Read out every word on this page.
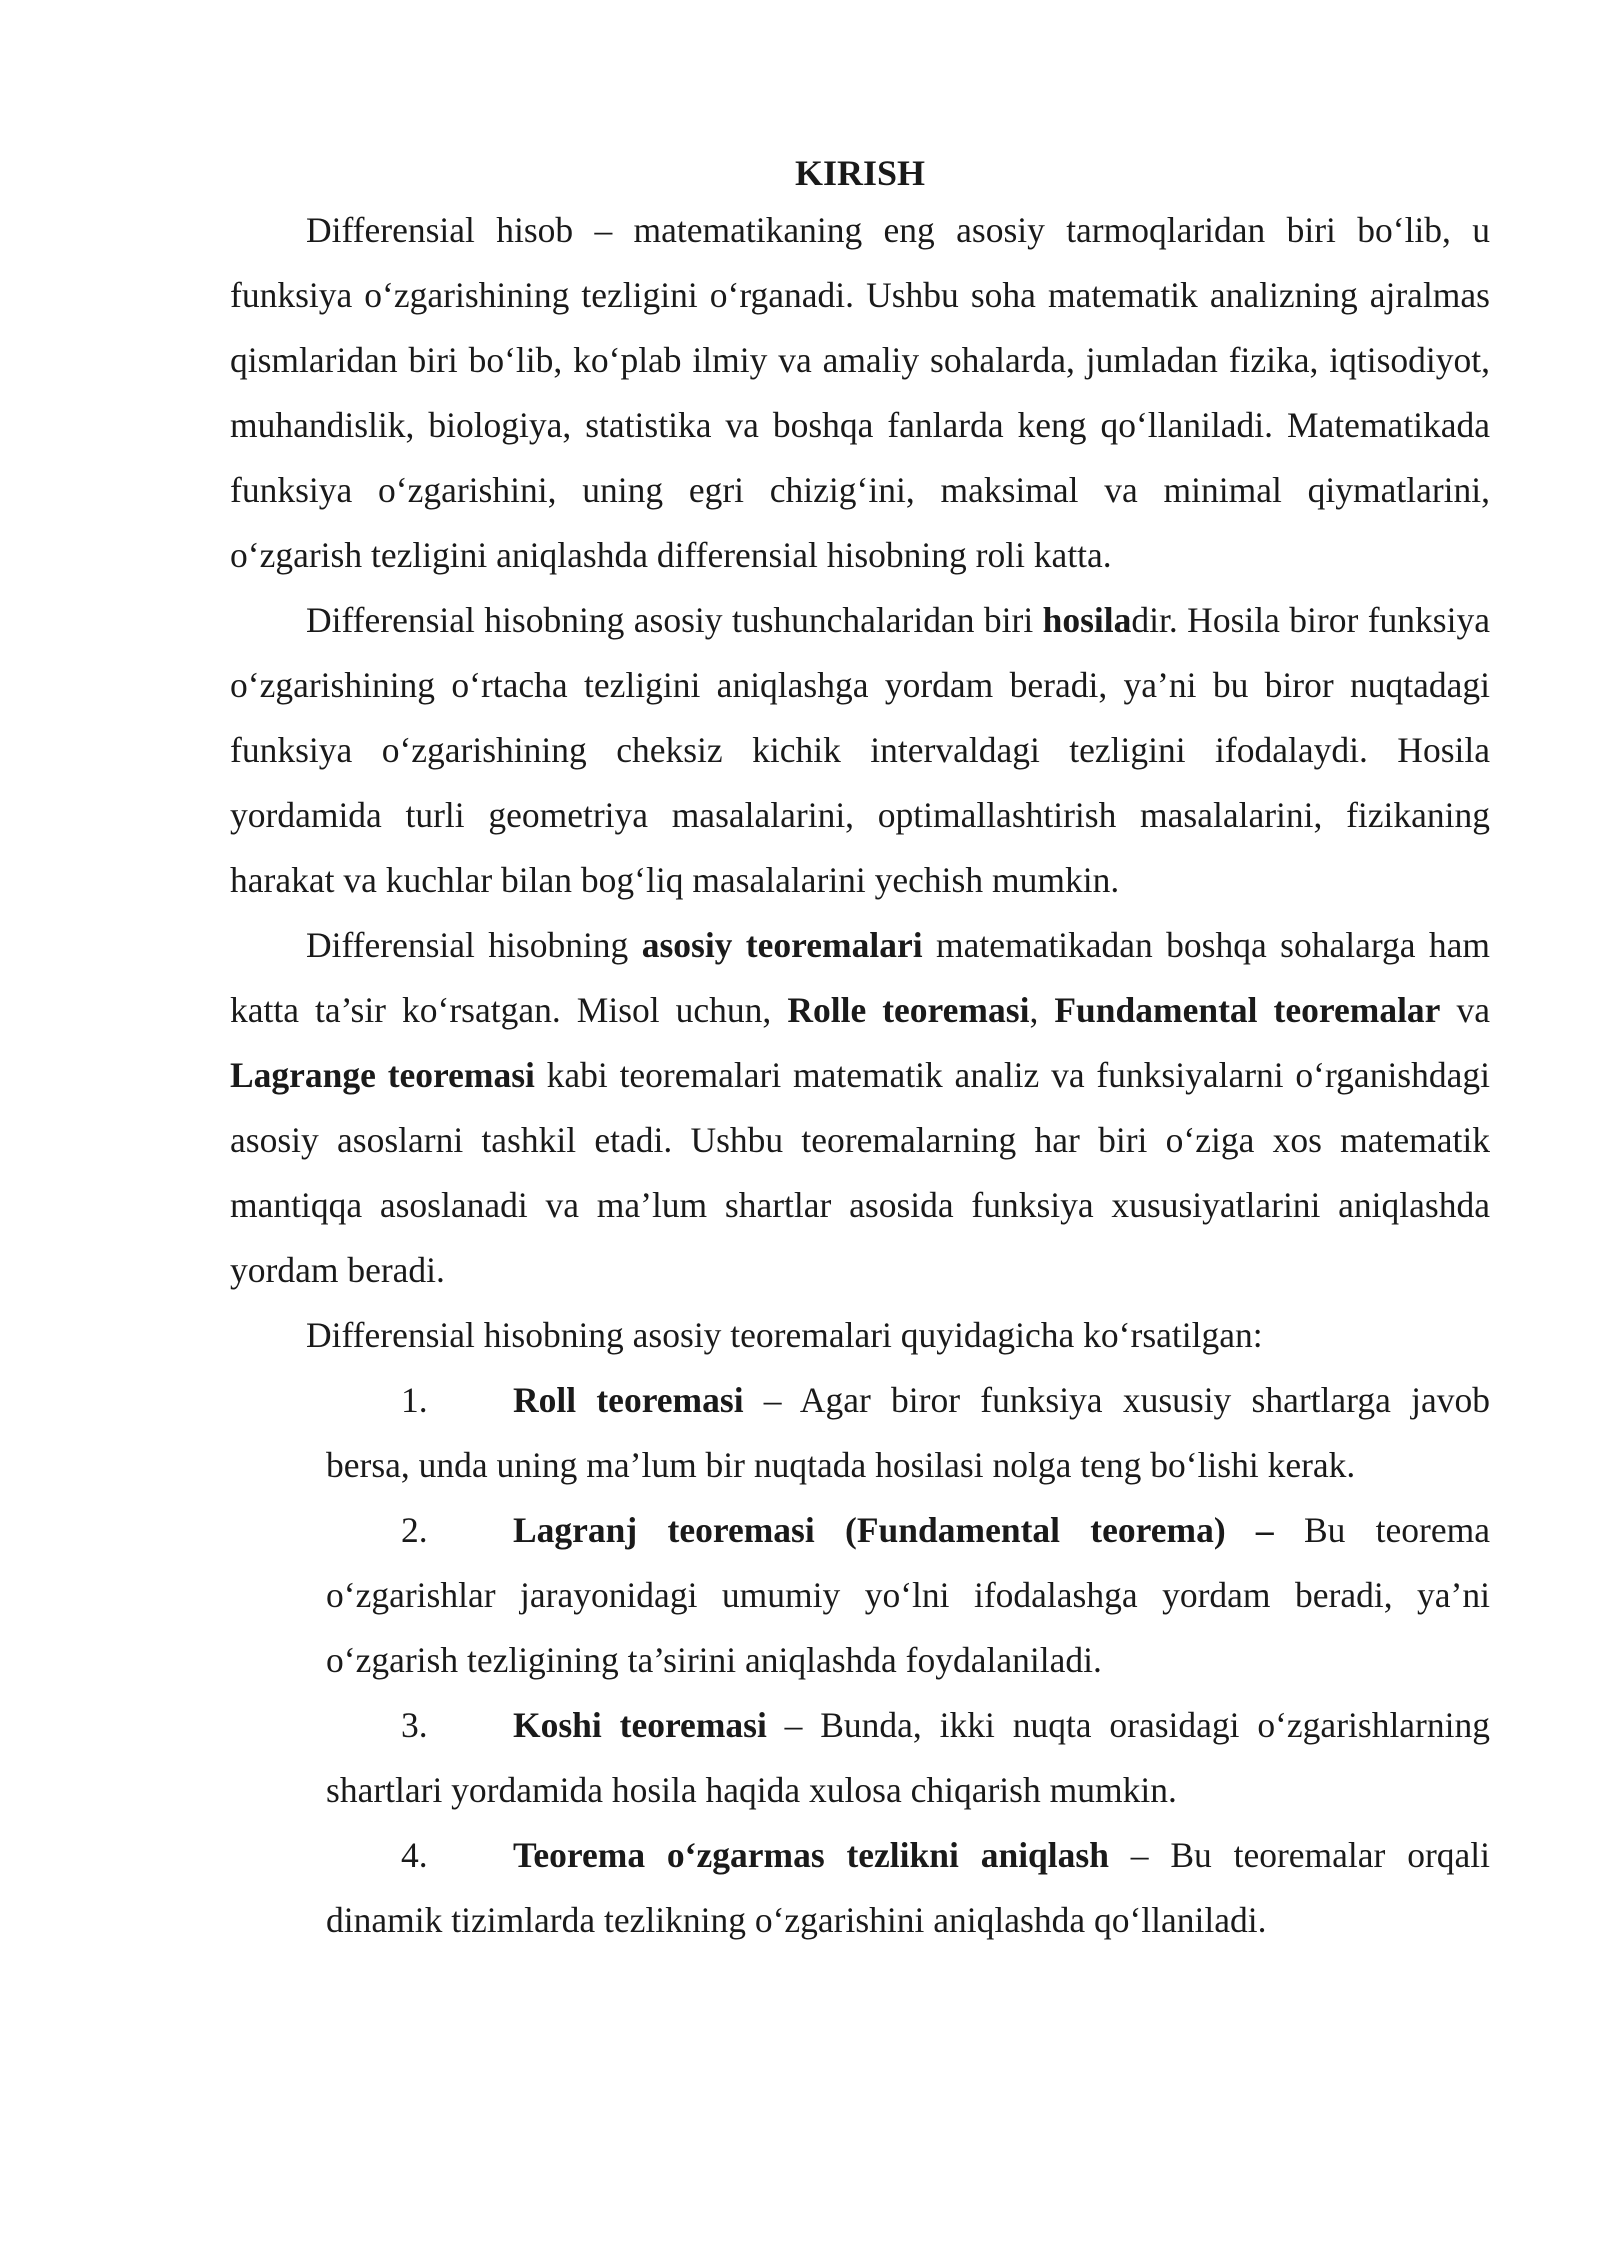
KIRISH

Differensial hisob – matematikaning eng asosiy tarmoqlaridan biri bo‘lib, u funksiya o‘zgarishining tezligini o‘rganadi. Ushbu soha matematik analizning ajralmas qismlaridan biri bo‘lib, ko‘plab ilmiy va amaliy sohalarda, jumladan fizika, iqtisodiyot, muhandislik, biologiya, statistika va boshqa fanlarda keng qo‘llaniladi. Matematikada funksiya o‘zgarishini, uning egri chizig‘ini, maksimal va minimal qiymatlarini, o‘zgarish tezligini aniqlashda differensial hisobning roli katta.

Differensial hisobning asosiy tushunchalaridan biri hosiladir. Hosila biror funksiya o‘zgarishining o‘rtacha tezligini aniqlashga yordam beradi, ya’ni bu biror nuqtadagi funksiya o‘zgarishining cheksiz kichik intervaldagi tezligini ifodalaydi. Hosila yordamida turli geometriya masalalarini, optimallashtirish masalalarini, fizikaning harakat va kuchlar bilan bog‘liq masalalarini yechish mumkin.

Differensial hisobning asosiy teoremalari matematikadan boshqa sohalarga ham katta ta’sir ko‘rsatgan. Misol uchun, Rolle teoremasi, Fundamental teoremalar va Lagrange teoremasi kabi teoremalari matematik analiz va funksiyalarni o‘rganishdagi asosiy asoslarni tashkil etadi. Ushbu teoremalarning har biri o‘ziga xos matematik mantiqqa asoslanadi va ma’lum shartlar asosida funksiya xususiyatlarini aniqlashda yordam beradi.

Differensial hisobning asosiy teoremalari quyidagicha ko‘rsatilgan:

1. Roll teoremasi – Agar biror funksiya xususiy shartlarga javob bersa, unda uning ma’lum bir nuqtada hosilasi nolga teng bo‘lishi kerak.
2. Lagranj teoremasi (Fundamental teorema) – Bu teorema o‘zgarishlar jarayonidagi umumiy yo‘lni ifodalashga yordam beradi, ya’ni o‘zgarish tezligining ta’sirini aniqlashda foydalaniladi.
3. Koshi teoremasi – Bunda, ikki nuqta orasidagi o‘zgarishlarning shartlari yordamida hosila haqida xulosa chiqarish mumkin.
4. Teorema o‘zgarmas tezlikni aniqlash – Bu teoremalar orqali dinamik tizimlarda tezlikning o‘zgarishini aniqlashda qo‘llaniladi.
